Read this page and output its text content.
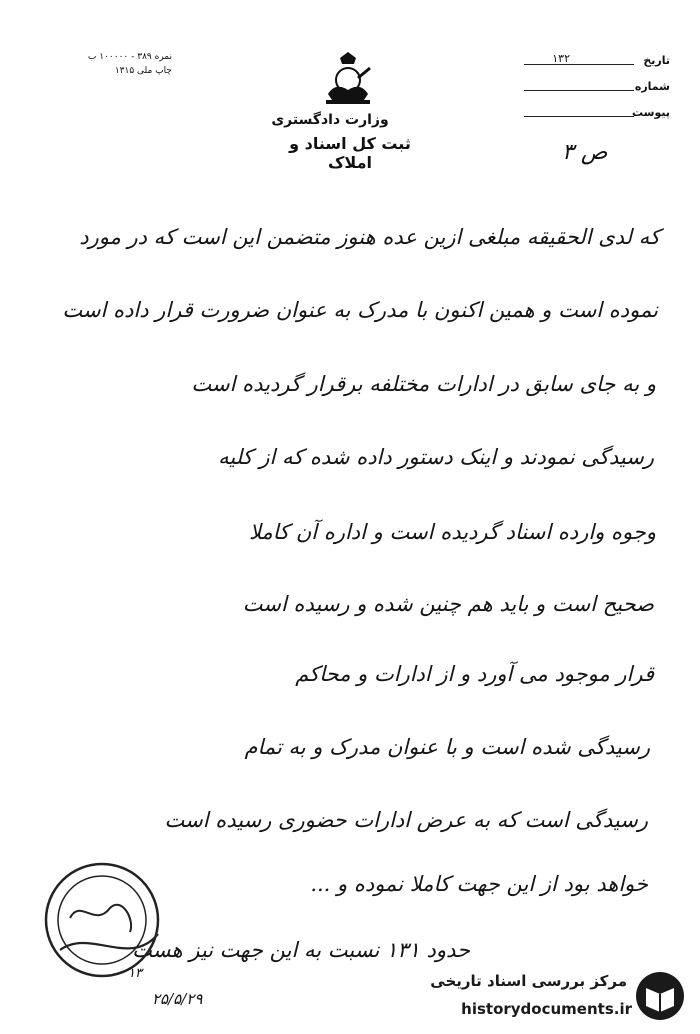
نمره ۳۸۹ - ۱۰۰۰۰۰ ب
چاپ ملی ۱۳۱۵
وزارت دادگستری
ثبت کل اسناد و املاک
تاریخ
۱۳۲
شماره
پیوست
ص ۳
که لدی الحقیقه مبلغی ازین عده هنوز متضمن این است که در مورد
نموده است و همین اکنون با مدرک به عنوان ضرورت قرار داده است
و به جای سابق در ادارات مختلفه برقرار گردیده است
رسیدگی نمودند و اینک دستور داده شده که از کلیه
وجوه وارده اسناد گردیده است و اداره آن کاملا
صحیح است و باید هم چنین شده و رسیده است
قرار موجود می آورد و از ادارات و محاکم
رسیدگی شده است و با عنوان مدرک و به تمام
رسیدگی است که به عرض ادارات حضوری رسیده است
خواهد بود از این جهت کاملا نموده و ...
حدود ۱۳۱ نسبت به این جهت نیز هست
۱۳
۲۵/۵/۲۹
مرکز بررسی اسناد تاریخی
historydocuments.ir
